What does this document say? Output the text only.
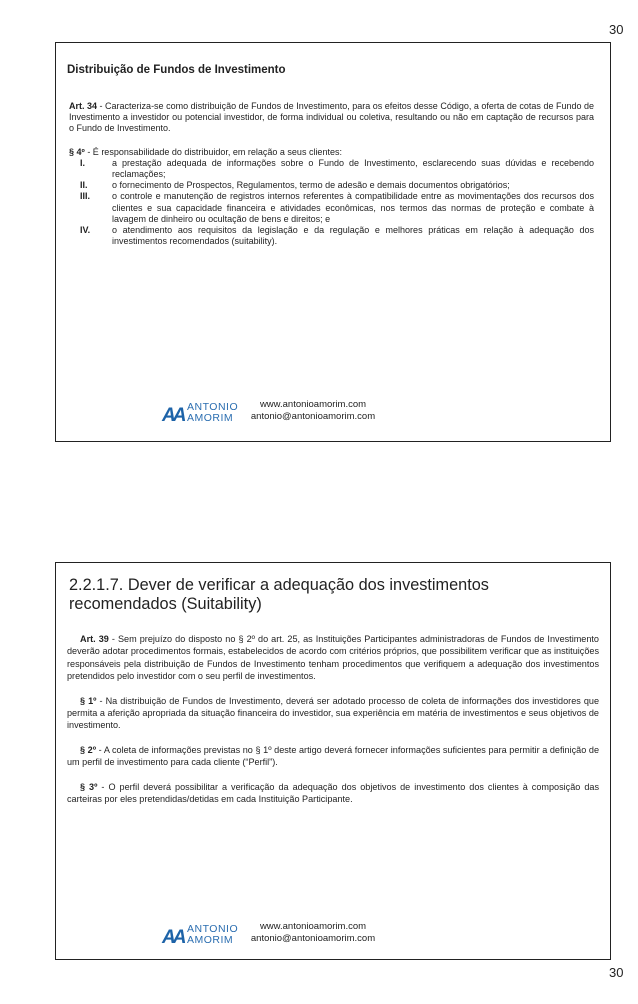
30
Distribuição de Fundos de Investimento

Art. 34 - Caracteriza-se como distribuição de Fundos de Investimento, para os efeitos desse Código, a oferta de cotas de Fundo de Investimento a investidor ou potencial investidor, de forma individual ou coletiva, resultando ou não em captação de recursos para o Fundo de Investimento.

§ 4º - É responsabilidade do distribuidor, em relação a seus clientes:

I.	a prestação adequada de informações sobre o Fundo de Investimento, esclarecendo suas dúvidas e recebendo reclamações;
II.	o fornecimento de Prospectos, Regulamentos, termo de adesão e demais documentos obrigatórios;
III.	o controle e manutenção de registros internos referentes à compatibilidade entre as movimentações dos recursos dos clientes e sua capacidade financeira e atividades econômicas, nos termos das normas de proteção e combate à lavagem de dinheiro ou ocultação de bens e direitos; e
IV.	o atendimento aos requisitos da legislação e da regulação e melhores práticas em relação à adequação dos investimentos recomendados (suitability).
AA ANTONIO
AMORIM
www.antonioamorim.com
antonio@antonioamorim.com
2.2.1.7. Dever de verificar a adequação dos investimentos recomendados (Suitability)

Art. 39 - Sem prejuízo do disposto no § 2º do art. 25, as Instituições Participantes administradoras de Fundos de Investimento deverão adotar procedimentos formais, estabelecidos de acordo com critérios próprios, que possibilitem verificar que as instituições responsáveis pela distribuição de Fundos de Investimento tenham procedimentos que verifiquem a adequação dos investimentos pretendidos pelo investidor com o seu perfil de investimentos.

§ 1º - Na distribuição de Fundos de Investimento, deverá ser adotado processo de coleta de informações dos investidores que permita a aferição apropriada da situação financeira do investidor, sua experiência em matéria de investimentos e seus objetivos de investimento.

§ 2º - A coleta de informações previstas no § 1º deste artigo deverá fornecer informações suficientes para permitir a definição de um perfil de investimento para cada cliente (“Perfil”).

§ 3º - O perfil deverá possibilitar a verificação da adequação dos objetivos de investimento dos clientes à composição das carteiras por eles pretendidas/detidas em cada Instituição Participante.

AA ANTONIO
AMORIM
www.antonioamorim.com
antonio@antonioamorim.com
30
